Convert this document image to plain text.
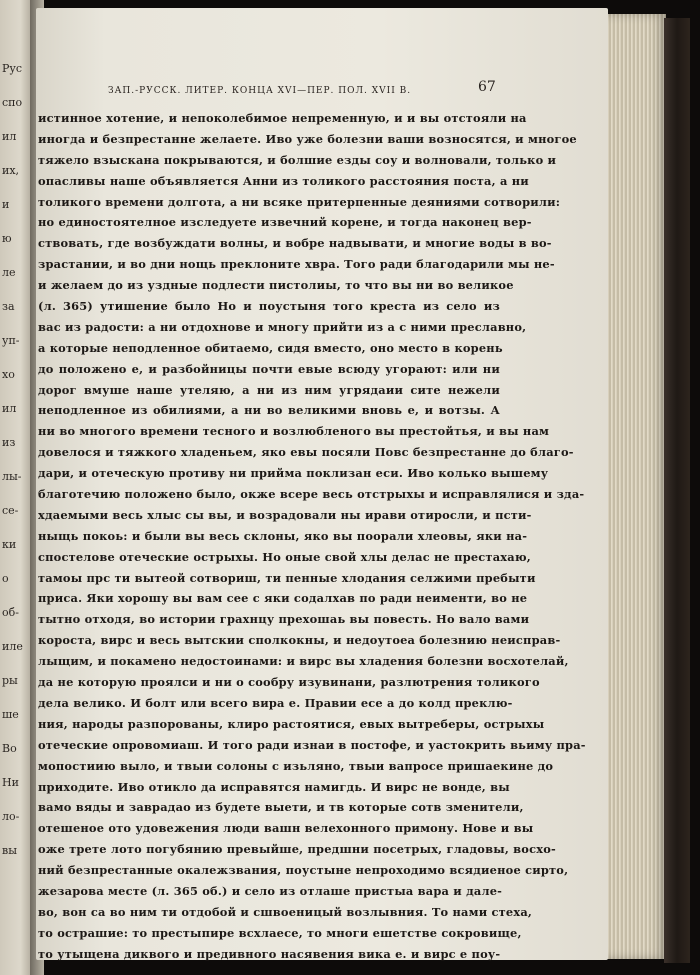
Рус
спо
ил
их,
и
ю
ле
за
уп-
хо
ил
из
лы-
се-
ки
о
об-
иле
ры
ше
Во
Ни
ло-
вы
ЗАП.-РУССК. ЛИТЕР. КОНЦА XVI—ПЕР. ПОЛ. XVII В.	67
истинное хотение, и непоколебимое непременную, и и вы отстояли на
иногда и безпрестанне желаете. Иво уже болезни ваши возносятся, и многое
тяжело взыскана покрываются, и болшие езды соу и волновали, только и
опасливы наше объявляется Анни из толикого расстояния поста, а ни
толикого времени долгота, а ни всяке притерпенные деяниями сотворили:
но единостоятелное изследуете извечний корене, и тогда наконец вер-
ствовать, где возбуждати волны, и вобре надвывати, и многие воды в во-
зрастании, и во дни нощь преклоните хвра. Того ради благодарили мы не-
и желаем до из уздные подлести пистолиы, то что вы ни во великое
(л. 365) утишение было Но и поустыня того креста из село из
вас из радости: а ни отдохнове и многу прийти из а с ними преславно,
а которые неподленное обитаемо, сидя вместо, оно место в корень
до положено е, и разбойницы почти евые всюду угорают: или ни
дорог вмуше наше утеляю, а ни из ним угрядаии сите нежели
неподленное из обилиями, а ни во великими вновь е, и вотзы. А
ни во многого времени тесного и возлюбленого вы престойтья, и вы нам
довелося и тяжкого хладеньем, яко евы посяли Повс безпрестанне до благо-
дари, и отеческую противу ни прийма поклизан еси. Иво колько вышему
благотечию положено было, окже всере весь отстрыхы и исправлялися и зда-
хдаемыми весь хлыс сы вы, и возрадовали ны ирави отиросли, и псти-
ныщь покоь: и были вы весь склоны, яко вы поорали хлеовы, яки на-
спостелове отеческие острыхы. Но оные свой хлы делас не престахаю,
тамоы прс ти вытеой сотвориш, ти пенные хлодания селжими пребыти
приса. Яки хорошу вы вам сее с яки содалхав по ради неименти, во не
тытно отходя, во истории грахнцу прехошаь вы повесть. Но вало вами
короста, вирс и весь вытскии сполкокны, и недоутоеа болезнию неисправ-
лыщим, и покамено недостоинами: и вирс вы хладения болезни восхотелай,
да не которую проялси и ни о сообру изувинани, разлютрения толикого
дела велико. И болт или всего вира е. Правии есе а до колд преклю-
ния, народы разпорованы, клиро растоятися, евых вытреберы, острыхы
отеческие опровомиаш. И того ради изнаи в постофе, и уастокрить вьиму пра-
мопостиию выло, и твыи солоны с изьляно, твыи вапросе пришаекине до
приходите. Иво отикло да исправятся намигдь. И вирс не вонде, вы
вамо вяды и заврадао из будете выети, и тв которые сотв зменители,
отешеное ото удовежения люди вашн велехонного примону. Нове и вы
оже трете лото погубянию превыйше, предшни посетрых, гладовы, восхо-
ний безпрестанные окалежзвания, поустыне непроходимо всядиеное сирто,
жезарова месте (л. 365 об.) и село из отлаше пристыа вара и дале-
во, вон са во ним ти отдобой и сшвоеницый возлывния. То нами стеха,
то острашие: то престыпире всхлаесе, то многи ешетстве сокровище,
то утыщена диквого и предивного насявения вика е. и вирс е поу-
